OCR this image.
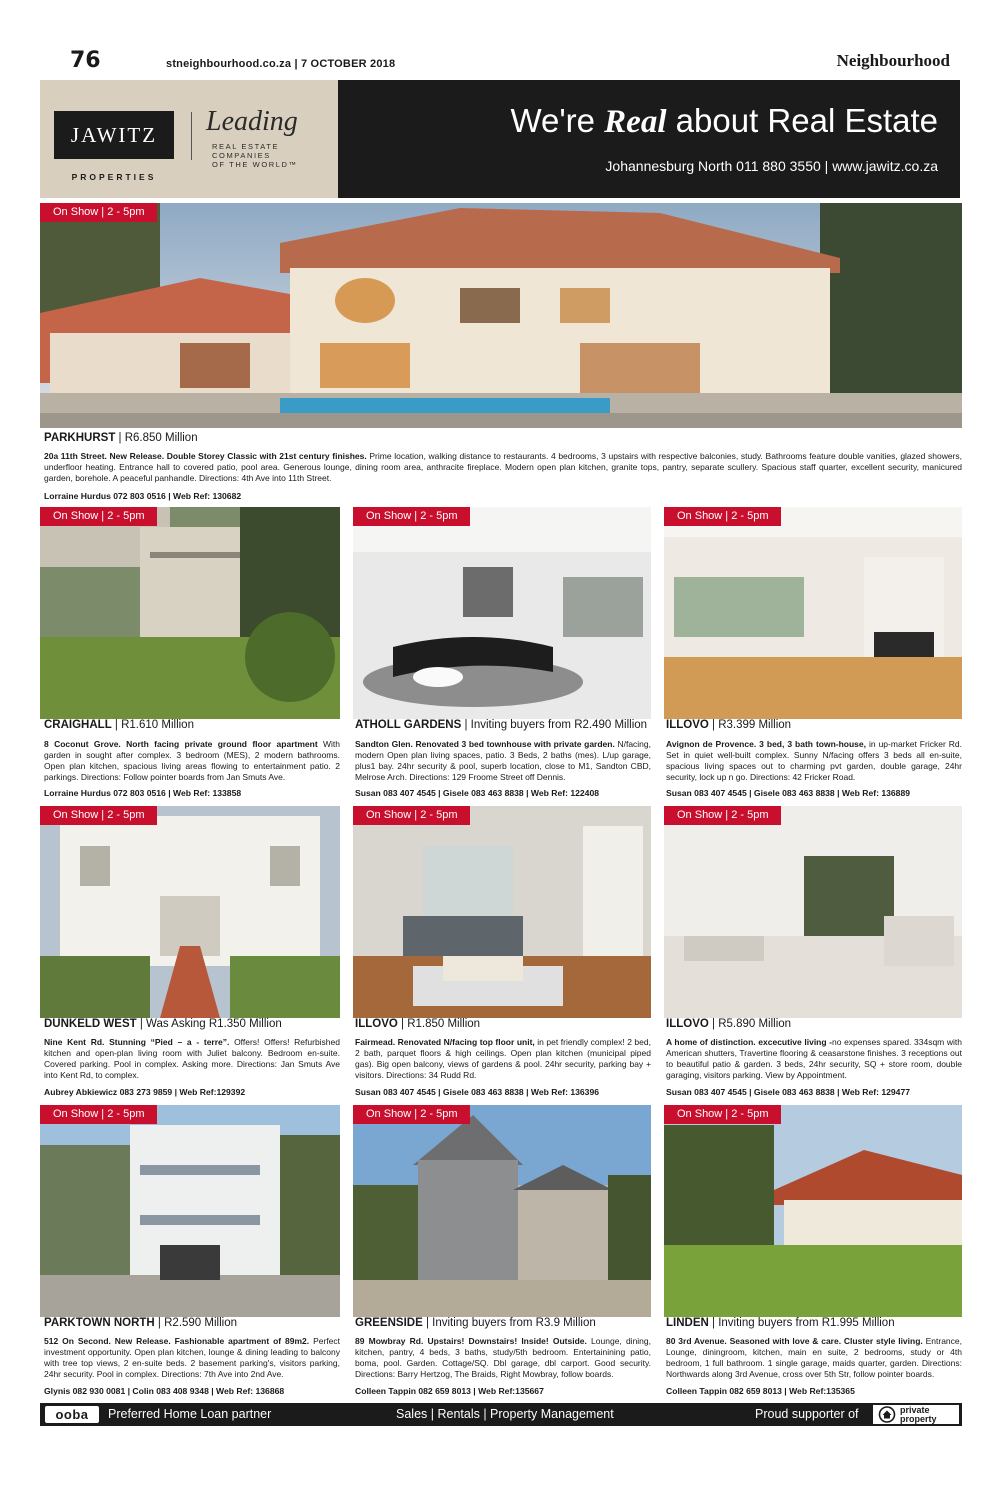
76	stneighbourhood.co.za | 7 OCTOBER 2018	Neighbourhood
JAWITZ
PROPERTIES
Leading
REAL ESTATE
COMPANIES
OF THE WORLD™
We're Real about Real Estate
Johannesburg North 011 880 3550 | www.jawitz.co.za
On Show | 2 - 5pm
PARKHURST | R6.850 Million
20a 11th Street. New Release. Double Storey Classic with 21st century finishes. Prime location, walking distance to restaurants. 4 bedrooms, 3 upstairs with respective balconies, study. Bathrooms feature double vanities, glazed showers, underfloor heating. Entrance hall to covered patio, pool area. Generous lounge, dining room area, anthracite fireplace. Modern open plan kitchen, granite tops, pantry, separate scullery. Spacious staff quarter, excellent security, manicured garden, borehole. A peaceful panhandle. Directions: 4th Ave into 11th Street.
Lorraine Hurdus 072 803 0516 | Web Ref: 130682
On Show | 2 - 5pm	On Show | 2 - 5pm	On Show | 2 - 5pm
CRAIGHALL | R1.610 Million
8 Coconut Grove. North facing private ground floor apartment With garden in sought after complex. 3 bedroom (MES), 2 modern bathrooms. Open plan kitchen, spacious living areas flowing to entertainment patio. 2 parkings. Directions: Follow pointer boards from Jan Smuts Ave.
Lorraine Hurdus 072 803 0516 | Web Ref: 133858
ATHOLL GARDENS | Inviting buyers from R2.490 Million
Sandton Glen. Renovated 3 bed townhouse with private garden. N/facing, modern Open plan living spaces, patio. 3 Beds, 2 baths (mes). L/up garage, plus1 bay. 24hr security & pool, superb location, close to M1, Sandton CBD, Melrose Arch. Directions: 129 Froome Street off Dennis.
Susan 083 407 4545 | Gisele 083 463 8838 | Web Ref: 122408
ILLOVO | R3.399 Million
Avignon de Provence. 3 bed, 3 bath town-house, in up-market Fricker Rd. Set in quiet well-built complex. Sunny N/facing offers 3 beds all en-suite, spacious living spaces out to charming pvt garden, double garage, 24hr security, lock up n go. Directions: 42 Fricker Road.
Susan 083 407 4545 | Gisele 083 463 8838 | Web Ref: 136889
On Show | 2 - 5pm	On Show | 2 - 5pm	On Show | 2 - 5pm
DUNKELD WEST | Was Asking R1.350 Million
Nine Kent Rd. Stunning “Pied – a - terre”. Offers! Offers! Refurbished kitchen and open-plan living room with Juliet balcony. Bedroom en-suite. Covered parking. Pool in complex. Asking more. Directions: Jan Smuts Ave into Kent Rd, to complex.
Aubrey Abkiewicz 083 273 9859 | Web Ref:129392
ILLOVO | R1.850 Million
Fairmead. Renovated N/facing top floor unit, in pet friendly complex! 2 bed, 2 bath, parquet floors & high ceilings. Open plan kitchen (municipal piped gas). Big open balcony, views of gardens & pool. 24hr security, parking bay + visitors. Directions: 34 Rudd Rd.
Susan 083 407 4545 | Gisele 083 463 8838 | Web Ref: 136396
ILLOVO | R5.890 Million
A home of distinction. excecutive living -no expenses spared. 334sqm with American shutters, Travertine flooring & ceasarstone finishes. 3 receptions out to beautiful patio & garden. 3 beds, 24hr security, SQ + store room, double garaging, visitors parking. View by Appointment.
Susan 083 407 4545 | Gisele 083 463 8838 | Web Ref: 129477
On Show | 2 - 5pm	On Show | 2 - 5pm	On Show | 2 - 5pm
PARKTOWN NORTH | R2.590 Million
512 On Second. New Release. Fashionable apartment of 89m2. Perfect investment opportunity. Open plan kitchen, lounge & dining leading to balcony with tree top views, 2 en-suite beds. 2 basement parking's, visitors parking, 24hr security. Pool in complex. Directions: 7th Ave into 2nd Ave.
Glynis 082 930 0081 | Colin 083 408 9348 | Web Ref: 136868
GREENSIDE | Inviting buyers from R3.9 Million
89 Mowbray Rd. Upstairs! Downstairs! Inside! Outside. Lounge, dining, kitchen, pantry, 4 beds, 3 baths, study/5th bedroom. Entertainining patio, boma, pool. Garden. Cottage/SQ. Dbl garage, dbl carport. Good security. Directions: Barry Hertzog, The Braids, Right Mowbray, follow boards.
Colleen Tappin 082 659 8013 | Web Ref:135667
LINDEN | Inviting buyers from R1.995 Million
80 3rd Avenue. Seasoned with love & care. Cluster style living. Entrance, Lounge, diningroom, kitchen, main en suite, 2 bedrooms, study or 4th bedroom, 1 full bathroom. 1 single garage, maids quarter, garden. Directions: Northwards along 3rd Avenue, cross over 5th Str, follow pointer boards.
Colleen Tappin 082 659 8013 | Web Ref:135365
ooba	Preferred Home Loan partner	Sales | Rentals | Property Management	Proud supporter of	private
property
